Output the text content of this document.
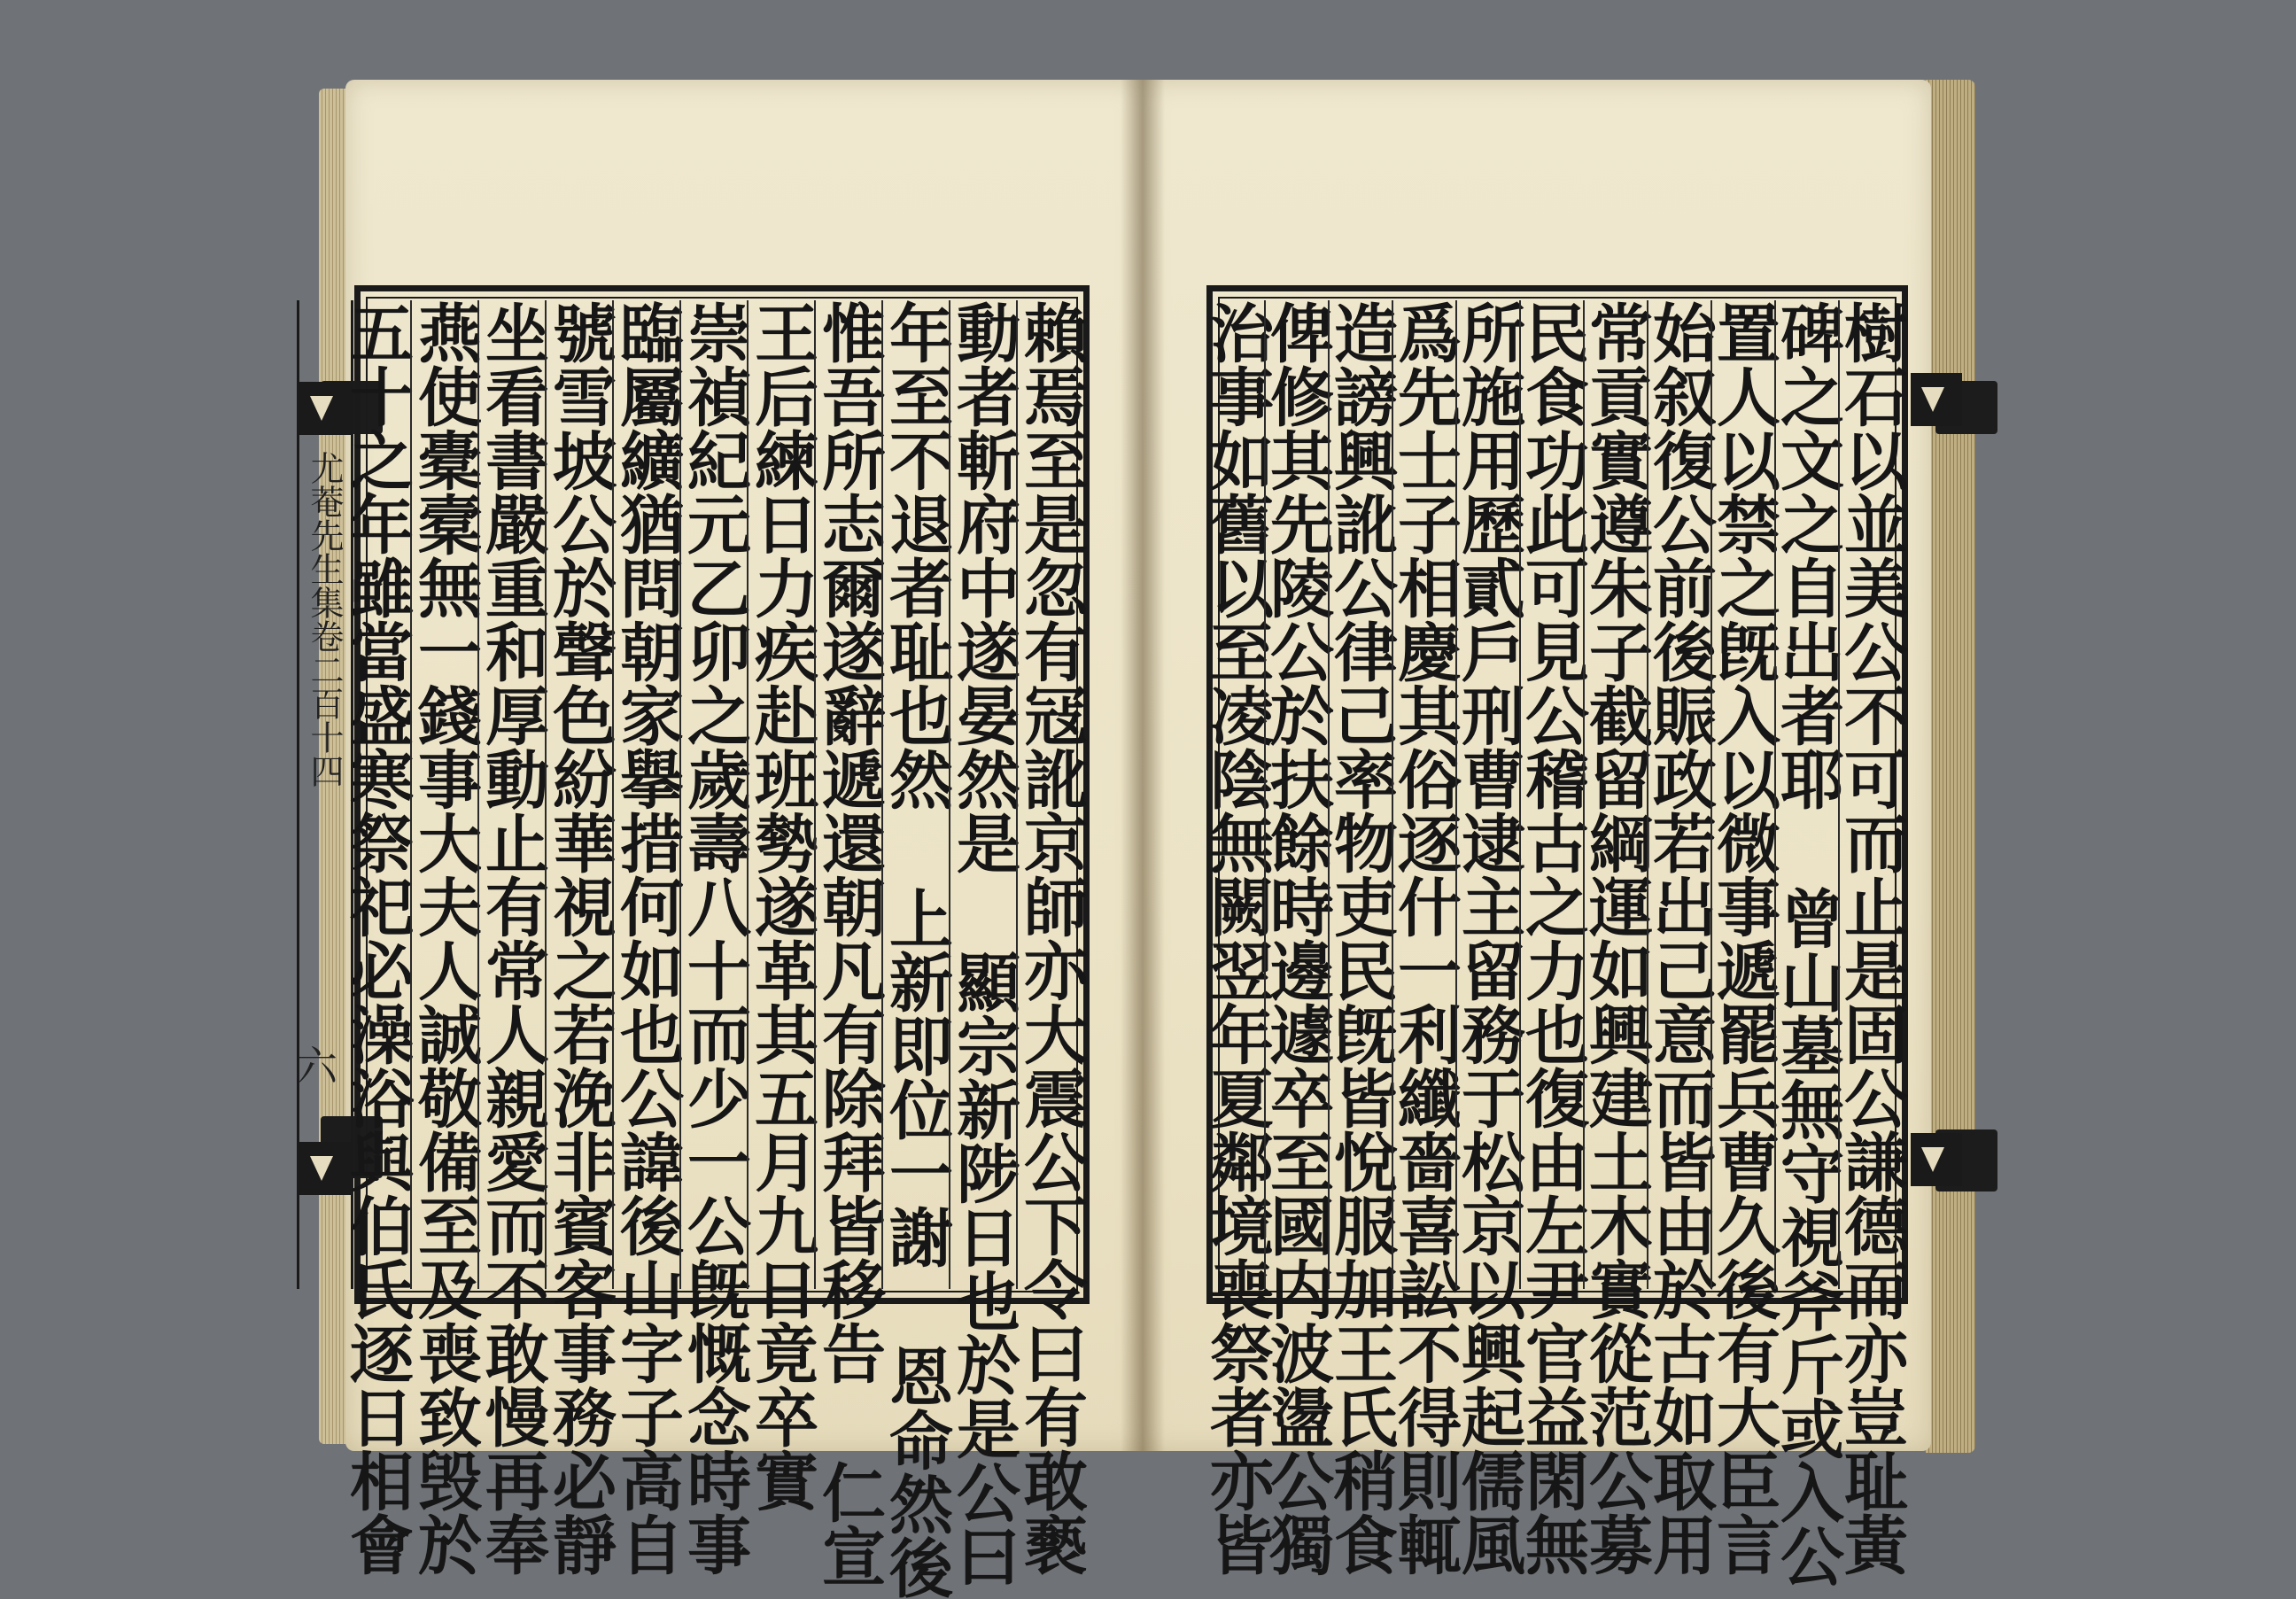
尤菴先生集卷二百十四
六	賴焉至是忽有冦訛京師亦大震公下令曰有敢褻
動者斬府中遂晏然是 顯宗新陟日也於是公曰
年至不退者耻也然 上新即位一謝 恩命然後
惟吾所志爾遂辭遞還朝凡有除拜皆移告 仁宣
王后練日力疾赴班勢遂革其五月九日竟卒實
崇禎紀元乙卯之歲壽八十而少一公旣慨念時事
臨屬纊猶問朝家擧措何如也公諱後山字子高自
號雪坡公於聲色紛華視之若浼非賓客事務必靜
坐看書嚴重和厚動止有常人親愛而不敢慢再奉
燕使橐槖無一錢事大夫人誠敬備至及喪致毁於
五十之年雖當盛寒祭祀必澡浴與伯氏逐日相會	樹石以並美公不可而止是固公謙德而亦豈耻黃
碑之文之自出者耶 曾山墓無守視斧斤或入公
置人以禁之旣入以微事遞罷兵曹久後有大臣言
始叙復公前後賑政若出己意而皆由於古如取用
常貢實遵朱子截留綱運如興建土木實從范公募
民食功此可見公稽古之力也復由左尹官益閑無
所施用歷貳戶刑曹逮主留務于松京以興起儒風
爲先士子相慶其俗逐什一利纖嗇喜訟不得則輒
造謗興訛公律己率物吏民旣皆悅服加王氏稍食
俾修其先陵公於扶餘時邊遽卒至國内波盪公獨
治事如舊以至凌陰無闕翌年夏鄰境喪祭者亦皆
